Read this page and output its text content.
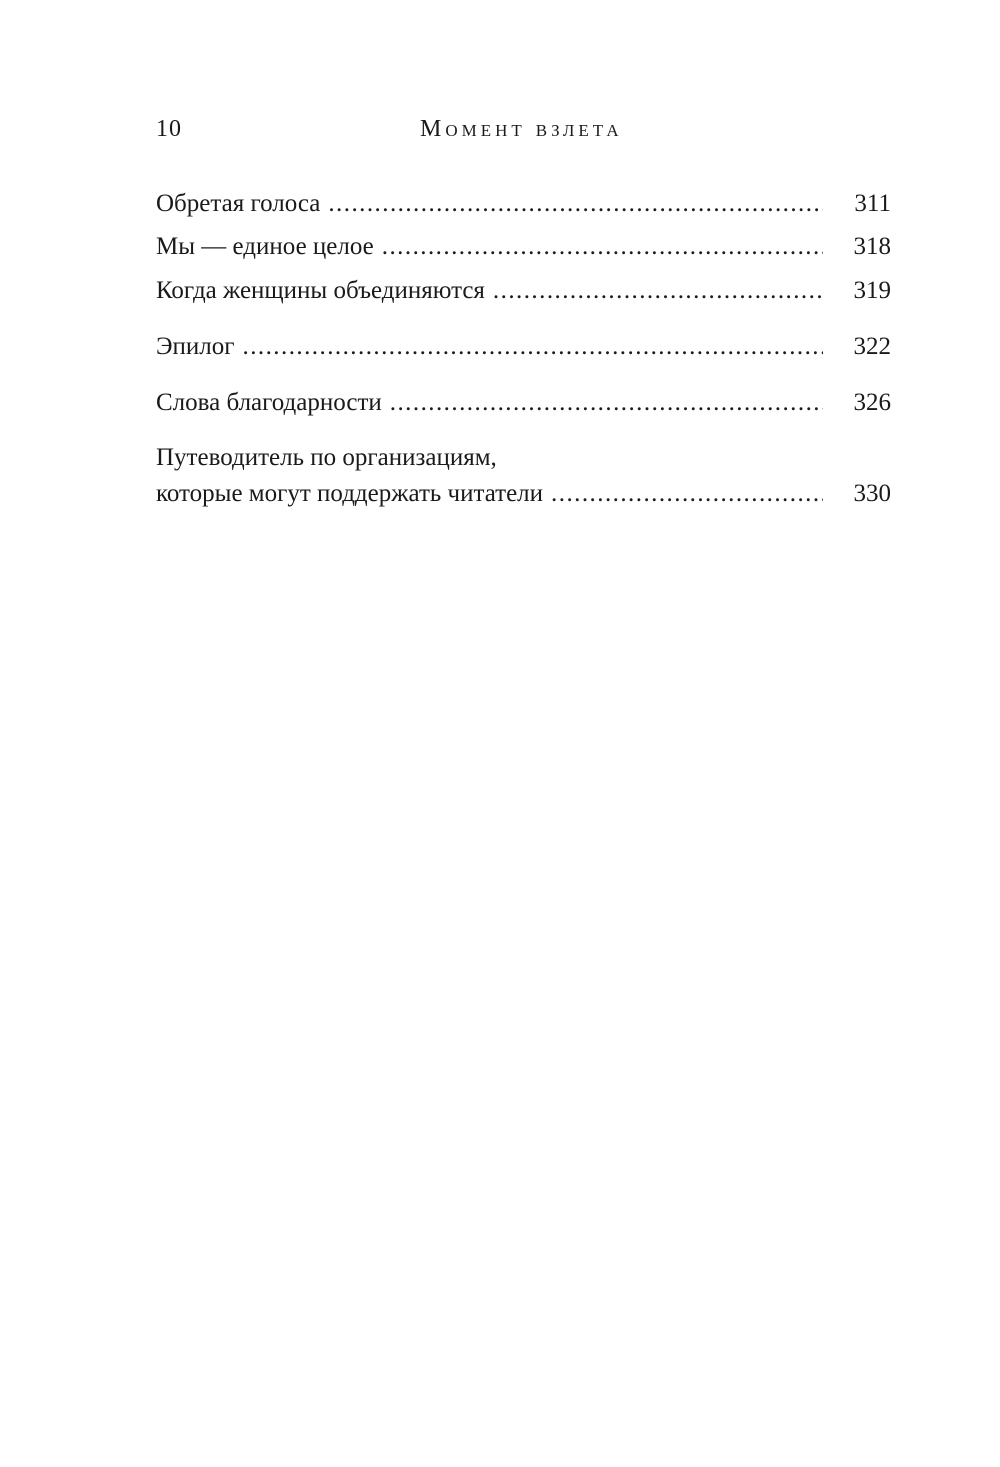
10	Момент взлета
Обретая голоса . . .	311
Мы — единое целое . . .	318
Когда женщины объединяются . . .	319
Эпилог . . .	322
Слова благодарности . . .	326
Путеводитель по организациям,
которые могут поддержать читатели . . .	330
